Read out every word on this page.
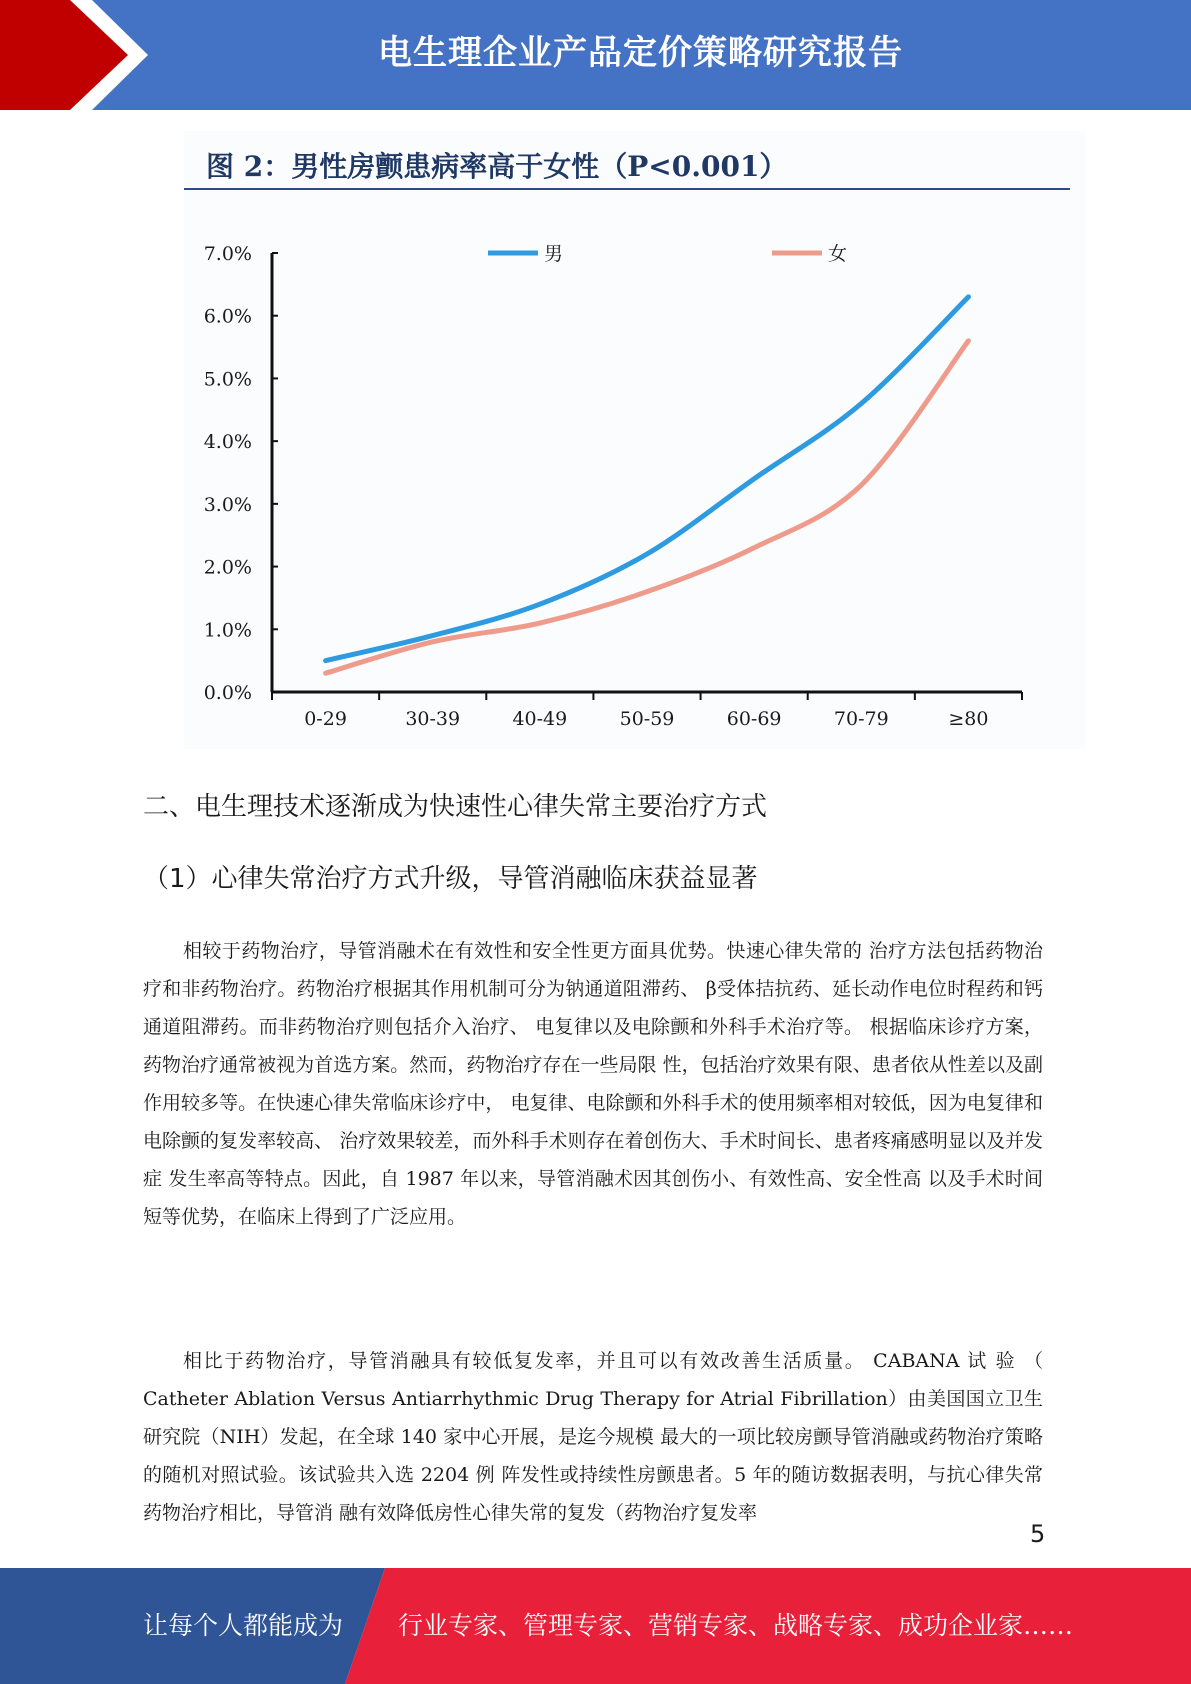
电生理企业产品定价策略研究报告
图 2：男性房颤患病率高于女性（P<0.001）
0.0%
1.0%
2.0%
3.0%
4.0%
5.0%
6.0%
7.0%
0-29	30-39	40-49	50-59	60-69	70-79	≥80
男	女
二、电生理技术逐渐成为快速性心律失常主要治疗方式
（1）心律失常治疗方式升级，导管消融临床获益显著

相较于药物治疗，导管消融术在有效性和安全性更方面具优势。快速心律失常的 治疗方法包括药物治疗和非药物治疗。药物治疗根据其作用机制可分为钠通道阻滞药、 β受体拮抗药、延长动作电位时程药和钙通道阻滞药。而非药物治疗则包括介入治疗、 电复律以及电除颤和外科手术治疗等。 根据临床诊疗方案，药物治疗通常被视为首选方案。然而，药物治疗存在一些局限 性，包括治疗效果有限、患者依从性差以及副作用较多等。在快速心律失常临床诊疗中， 电复律、电除颤和外科手术的使用频率相对较低，因为电复律和电除颤的复发率较高、 治疗效果较差，而外科手术则存在着创伤大、手术时间长、患者疼痛感明显以及并发症 发生率高等特点。因此，自 1987 年以来，导管消融术因其创伤小、有效性高、安全性高 以及手术时间短等优势，在临床上得到了广泛应用。

相比于药物治疗，导管消融具有较低复发率，并且可以有效改善生活质量。 CABANA 试 验 （ Catheter Ablation Versus Antiarrhythmic Drug Therapy for Atrial Fibrillation）由美国国立卫生研究院（NIH）发起，在全球 140 家中心开展，是迄今规模 最大的一项比较房颤导管消融或药物治疗策略的随机对照试验。该试验共入选 2204 例 阵发性或持续性房颤患者。5 年的随访数据表明，与抗心律失常药物治疗相比，导管消 融有效降低房性心律失常的复发（药物治疗复发率

5
让每个人都能成为 行业专家、管理专家、营销专家、战略专家、成功企业家……
